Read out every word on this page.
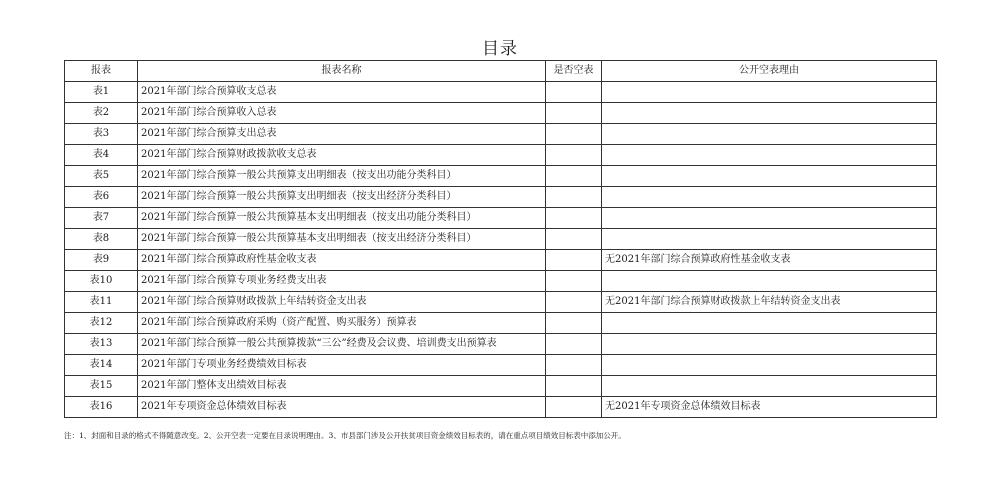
目录
报表	报表名称	是否空表	公开空表理由
表1	2021年部门综合预算收支总表		
表2	2021年部门综合预算收入总表		
表3	2021年部门综合预算支出总表		
表4	2021年部门综合预算财政拨款收支总表		
表5	2021年部门综合预算一般公共预算支出明细表（按支出功能分类科目）		
表6	2021年部门综合预算一般公共预算支出明细表（按支出经济分类科目）		
表7	2021年部门综合预算一般公共预算基本支出明细表（按支出功能分类科目）		
表8	2021年部门综合预算一般公共预算基本支出明细表（按支出经济分类科目）		
表9	2021年部门综合预算政府性基金收支表		无2021年部门综合预算政府性基金收支表
表10	2021年部门综合预算专项业务经费支出表		
表11	2021年部门综合预算财政拨款上年结转资金支出表		无2021年部门综合预算财政拨款上年结转资金支出表
表12	2021年部门综合预算政府采购（资产配置、购买服务）预算表		
表13	2021年部门综合预算一般公共预算拨款“三公”经费及会议费、培训费支出预算表		
表14	2021年部门专项业务经费绩效目标表		
表15	2021年部门整体支出绩效目标表		
表16	2021年专项资金总体绩效目标表		无2021年专项资金总体绩效目标表
注：1、封面和目录的格式不得随意改变。2、公开空表一定要在目录说明理由。3、市县部门涉及公开扶贫项目资金绩效目标表的，请在重点项目绩效目标表中添加公开。
